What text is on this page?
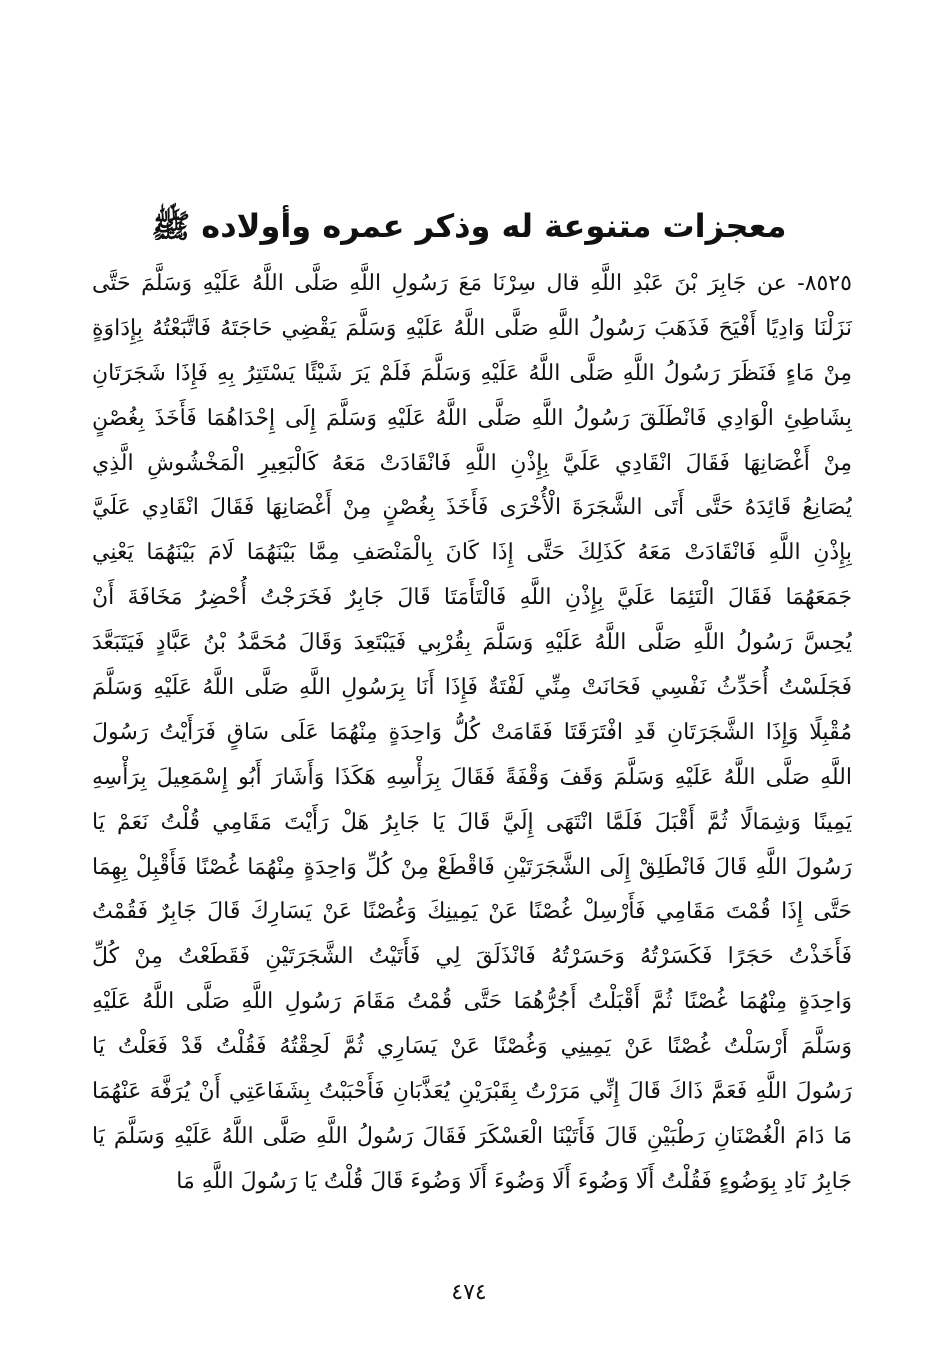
معجزات متنوعة له وذكر عمره وأولاده ﷺ
٨٥٢٥- عن جَابِرَ بْنَ عَبْدِ اللَّهِ قال سِرْنَا مَعَ رَسُولِ اللَّهِ صَلَّى اللَّهُ عَلَيْهِ وَسَلَّمَ حَتَّى
نَزَلْنَا وَادِيًا أَفْيَحَ فَذَهَبَ رَسُولُ اللَّهِ صَلَّى اللَّهُ عَلَيْهِ وَسَلَّمَ يَقْضِي حَاجَتَهُ فَاتَّبَعْتُهُ بِإِدَاوَةٍ
مِنْ مَاءٍ فَنَظَرَ رَسُولُ اللَّهِ صَلَّى اللَّهُ عَلَيْهِ وَسَلَّمَ فَلَمْ يَرَ شَيْئًا يَسْتَتِرُ بِهِ فَإِذَا شَجَرَتَانِ
بِشَاطِئِ الْوَادِي فَانْطَلَقَ رَسُولُ اللَّهِ صَلَّى اللَّهُ عَلَيْهِ وَسَلَّمَ إِلَى إِحْدَاهُمَا فَأَخَذَ بِغُصْنٍ
مِنْ أَغْصَانِهَا فَقَالَ انْقَادِي عَلَيَّ بِإِذْنِ اللَّهِ فَانْقَادَتْ مَعَهُ كَالْبَعِيرِ الْمَخْشُوشِ الَّذِي
يُصَانِعُ قَائِدَهُ حَتَّى أَتَى الشَّجَرَةَ الْأُخْرَى فَأَخَذَ بِغُصْنٍ مِنْ أَغْصَانِهَا فَقَالَ انْقَادِي عَلَيَّ
بِإِذْنِ اللَّهِ فَانْقَادَتْ مَعَهُ كَذَلِكَ حَتَّى إِذَا كَانَ بِالْمَنْصَفِ مِمَّا بَيْنَهُمَا لَامَ بَيْنَهُمَا يَعْنِي
جَمَعَهُمَا فَقَالَ الْتَئِمَا عَلَيَّ بِإِذْنِ اللَّهِ فَالْتَأَمَتَا قَالَ جَابِرٌ فَخَرَجْتُ أُحْضِرُ مَخَافَةَ أَنْ
يُحِسَّ رَسُولُ اللَّهِ صَلَّى اللَّهُ عَلَيْهِ وَسَلَّمَ بِقُرْبِي فَيَبْتَعِدَ وَقَالَ مُحَمَّدُ بْنُ عَبَّادٍ فَيَتَبَعَّدَ
فَجَلَسْتُ أُحَدِّثُ نَفْسِي فَحَانَتْ مِنِّي لَفْتَةٌ فَإِذَا أَنَا بِرَسُولِ اللَّهِ صَلَّى اللَّهُ عَلَيْهِ وَسَلَّمَ
مُقْبِلًا وَإِذَا الشَّجَرَتَانِ قَدِ افْتَرَقَتَا فَقَامَتْ كُلُّ وَاحِدَةٍ مِنْهُمَا عَلَى سَاقٍ فَرَأَيْتُ رَسُولَ
اللَّهِ صَلَّى اللَّهُ عَلَيْهِ وَسَلَّمَ وَقَفَ وَقْفَةً فَقَالَ بِرَأْسِهِ هَكَذَا وَأَشَارَ أَبُو إِسْمَعِيلَ بِرَأْسِهِ
يَمِينًا وَشِمَالًا ثُمَّ أَقْبَلَ فَلَمَّا انْتَهَى إِلَيَّ قَالَ يَا جَابِرُ هَلْ رَأَيْتَ مَقَامِي قُلْتُ نَعَمْ يَا
رَسُولَ اللَّهِ قَالَ فَانْطَلِقْ إِلَى الشَّجَرَتَيْنِ فَاقْطَعْ مِنْ كُلِّ وَاحِدَةٍ مِنْهُمَا غُصْنًا فَأَقْبِلْ بِهِمَا
حَتَّى إِذَا قُمْتَ مَقَامِي فَأَرْسِلْ غُصْنًا عَنْ يَمِينِكَ وَغُصْنًا عَنْ يَسَارِكَ قَالَ جَابِرٌ فَقُمْتُ
فَأَخَذْتُ حَجَرًا فَكَسَرْتُهُ وَحَسَرْتُهُ فَانْذَلَقَ لِي فَأَتَيْتُ الشَّجَرَتَيْنِ فَقَطَعْتُ مِنْ كُلِّ
وَاحِدَةٍ مِنْهُمَا غُصْنًا ثُمَّ أَقْبَلْتُ أَجُرُّهُمَا حَتَّى قُمْتُ مَقَامَ رَسُولِ اللَّهِ صَلَّى اللَّهُ عَلَيْهِ
وَسَلَّمَ أَرْسَلْتُ غُصْنًا عَنْ يَمِينِي وَغُصْنًا عَنْ يَسَارِي ثُمَّ لَحِقْتُهُ فَقُلْتُ قَدْ فَعَلْتُ يَا
رَسُولَ اللَّهِ فَعَمَّ ذَاكَ قَالَ إِنِّي مَرَرْتُ بِقَبْرَيْنِ يُعَذَّبَانِ فَأَحْبَبْتُ بِشَفَاعَتِي أَنْ يُرَفَّهَ عَنْهُمَا
مَا دَامَ الْغُصْنَانِ رَطْبَيْنِ قَالَ فَأَتَيْنَا الْعَسْكَرَ فَقَالَ رَسُولُ اللَّهِ صَلَّى اللَّهُ عَلَيْهِ وَسَلَّمَ يَا
جَابِرُ نَادِ بِوَضُوءٍ فَقُلْتُ أَلَا وَضُوءَ أَلَا وَضُوءَ أَلَا وَضُوءَ قَالَ قُلْتُ يَا رَسُولَ اللَّهِ مَا
٤٧٤
